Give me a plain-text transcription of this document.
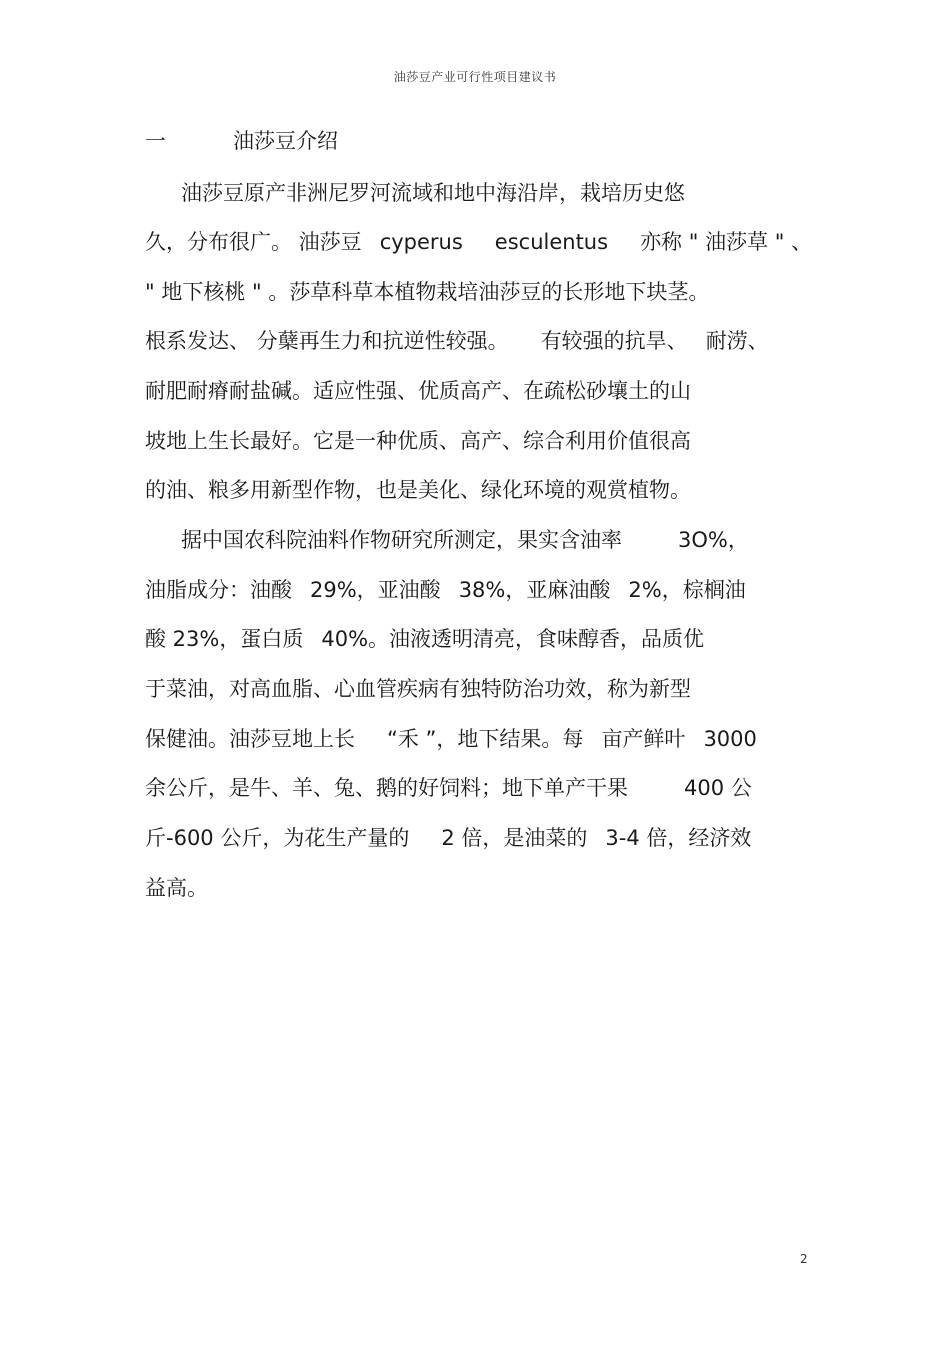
油莎豆产业可行性项目建议书
一	油莎豆介绍
油莎豆原产非洲尼罗河流域和地中海沿岸，栽培历史悠
久，分布很广。 油莎豆 cyperus esculentus 亦称 " 油莎草 " 、
" 地下核桃 " 。莎草科草本植物栽培油莎豆的长形地下块茎。
根系发达、 分蘖再生力和抗逆性较强。 有较强的抗旱、 耐涝、
耐肥耐瘠耐盐碱。适应性强、优质高产、在疏松砂壤土的山
坡地上生长最好。它是一种优质、高产、综合利用价值很高
的油、粮多用新型作物，也是美化、绿化环境的观赏植物。
据中国农科院油料作物研究所测定，果实含油率	3O%，
油脂成分：油酸 29%，亚油酸 38%，亚麻油酸 2%，棕榈油
酸 23%，蛋白质 40%。油液透明清亮，食味醇香，品质优
于菜油，对高血脂、心血管疾病有独特防治功效，称为新型
保健油。油莎豆地上长 “禾 ”，地下结果。每 亩产鲜叶 3000
余公斤，是牛、羊、兔、鹅的好饲料；地下单产干果	400 公
斤-600 公斤，为花生产量的 2 倍，是油菜的 3-4 倍，经济效
益高。
2
